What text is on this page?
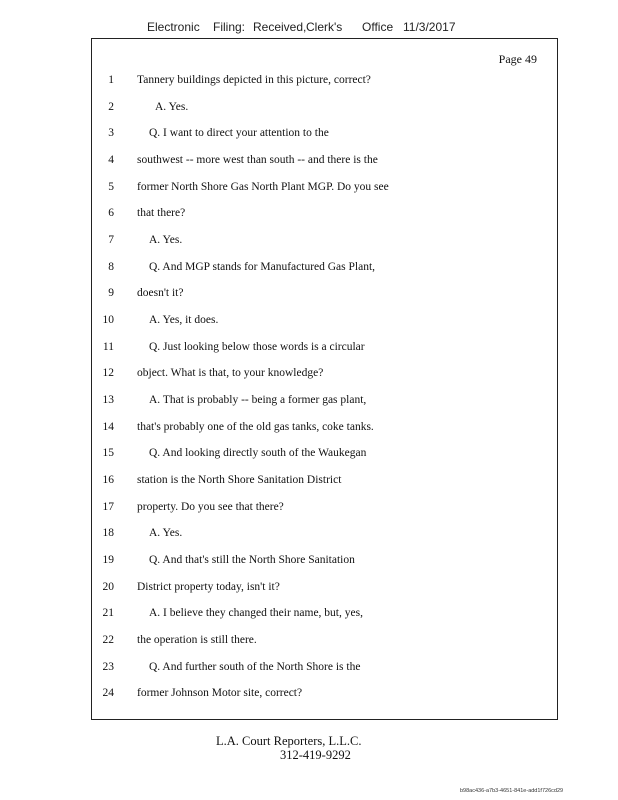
Electronic Filing: Received, Clerk's Office 11/3/2017
Page 49
1 Tannery buildings depicted in this picture, correct?
2	A. Yes.
3	Q. I want to direct your attention to the
4 southwest -- more west than south -- and there is the
5 former North Shore Gas North Plant MGP. Do you see
6 that there?
7	A. Yes.
8	Q. And MGP stands for Manufactured Gas Plant,
9 doesn't it?
10	A. Yes, it does.
11	Q. Just looking below those words is a circular
12 object. What is that, to your knowledge?
13	A. That is probably -- being a former gas plant,
14 that's probably one of the old gas tanks, coke tanks.
15	Q. And looking directly south of the Waukegan
16 station is the North Shore Sanitation District
17 property. Do you see that there?
18	A. Yes.
19	Q. And that's still the North Shore Sanitation
20 District property today, isn't it?
21	A. I believe they changed their name, but, yes,
22 the operation is still there.
23	Q. And further south of the North Shore is the
24 former Johnson Motor site, correct?
L.A. Court Reporters, L.L.C.
312-419-9292
b98ac436-a7b3-4651-841e-add1f726cd29
